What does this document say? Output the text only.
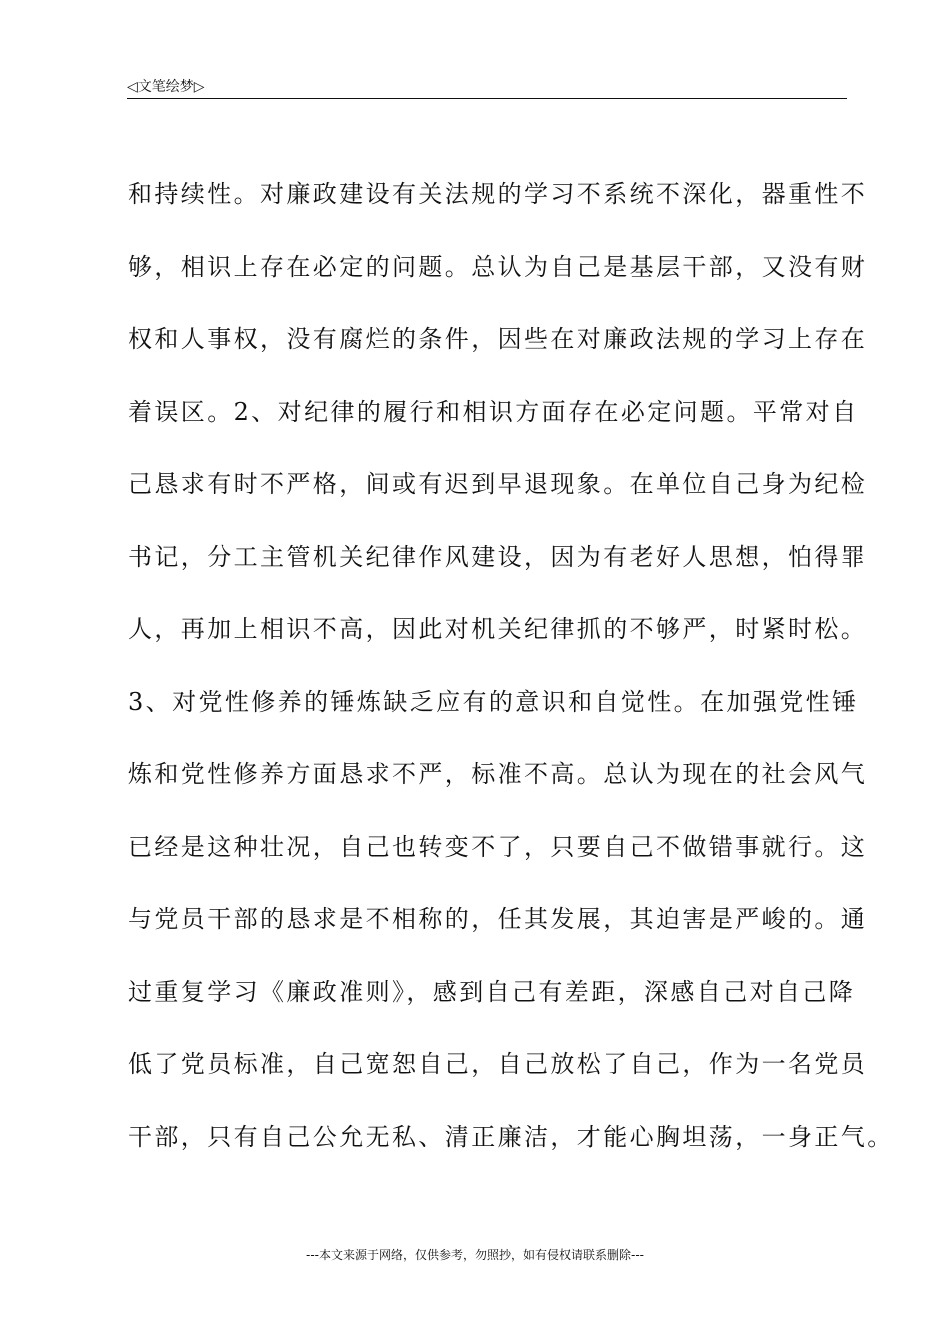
◁文笔绘梦▷
和持续性。对廉政建设有关法规的学习不系统不深化，器重性不
够，相识上存在必定的问题。总认为自己是基层干部，又没有财
权和人事权，没有腐烂的条件，因些在对廉政法规的学习上存在
着误区。2、对纪律的履行和相识方面存在必定问题。平常对自
己恳求有时不严格，间或有迟到早退现象。在单位自己身为纪检
书记，分工主管机关纪律作风建设，因为有老好人思想，怕得罪
人，再加上相识不高，因此对机关纪律抓的不够严，时紧时松。
3、对党性修养的锤炼缺乏应有的意识和自觉性。在加强党性锤
炼和党性修养方面恳求不严，标准不高。总认为现在的社会风气
已经是这种壮况，自己也转变不了，只要自己不做错事就行。这
与党员干部的恳求是不相称的，任其发展，其迫害是严峻的。通
过重复学习《廉政准则》，感到自己有差距，深感自己对自己降
低了党员标准，自己宽恕自己，自己放松了自己，作为一名党员
干部，只有自己公允无私、清正廉洁，才能心胸坦荡，一身正气。
---本文来源于网络，仅供参考，勿照抄，如有侵权请联系删除---
